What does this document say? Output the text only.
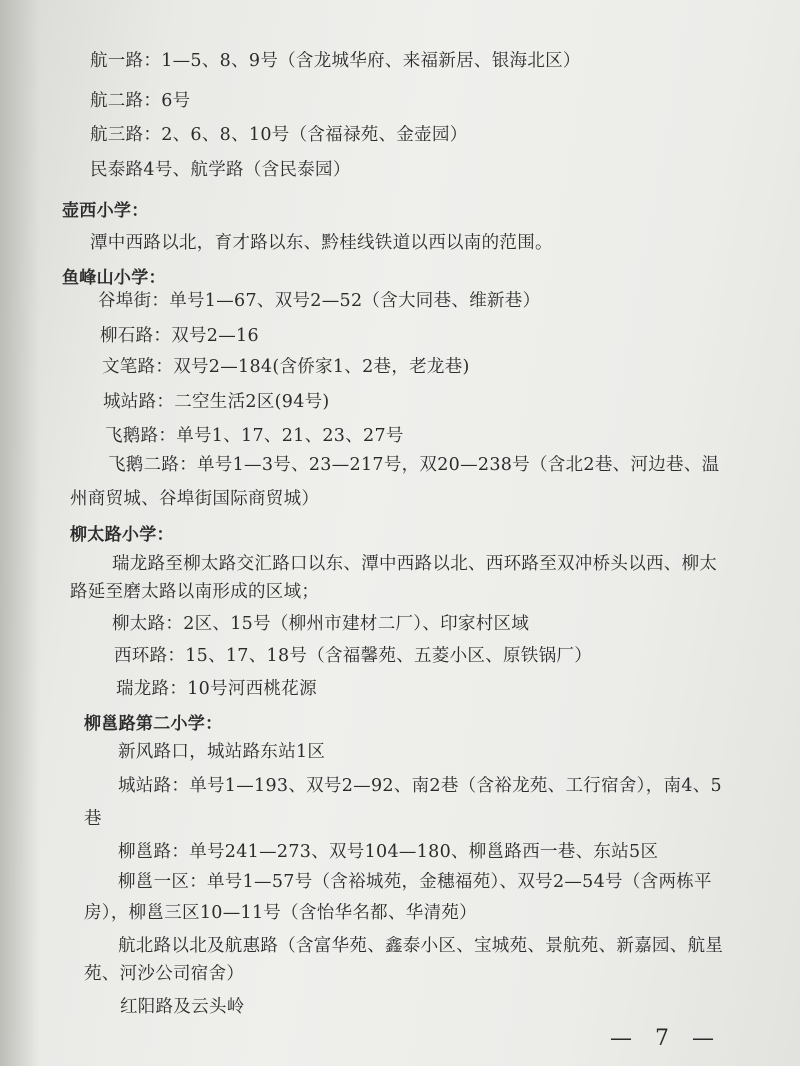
航一路：1—5、8、9号（含龙城华府、来福新居、银海北区）
航二路：6号
航三路：2、6、8、10号（含福禄苑、金壶园）
民泰路4号、航学路（含民泰园）
壶西小学：
潭中西路以北，育才路以东、黔桂线铁道以西以南的范围。
鱼峰山小学：
谷埠街：单号1—67、双号2—52（含大同巷、维新巷）
柳石路：双号2—16
文笔路：双号2—184(含侨家1、2巷，老龙巷)
城站路：二空生活2区(94号)
飞鹅路：单号1、17、21、23、27号
飞鹅二路：单号1—3号、23—217号，双20—238号（含北2巷、河边巷、温
州商贸城、谷埠街国际商贸城）
柳太路小学：
瑞龙路至柳太路交汇路口以东、潭中西路以北、西环路至双冲桥头以西、柳太
路延至磨太路以南形成的区域；
柳太路：2区、15号（柳州市建材二厂）、印家村区域
西环路：15、17、18号（含福馨苑、五菱小区、原铁锅厂）
瑞龙路：10号河西桃花源
柳邕路第二小学：
新风路口，城站路东站1区
城站路：单号1—193、双号2—92、南2巷（含裕龙苑、工行宿舍），南4、5
巷
柳邕路：单号241—273、双号104—180、柳邕路西一巷、东站5区
柳邕一区：单号1—57号（含裕城苑，金穗福苑）、双号2—54号（含两栋平
房），柳邕三区10—11号（含怡华名都、华清苑）
航北路以北及航惠路（含富华苑、鑫泰小区、宝城苑、景航苑、新嘉园、航星
苑、河沙公司宿舍）
红阳路及云头岭
— 7 —
